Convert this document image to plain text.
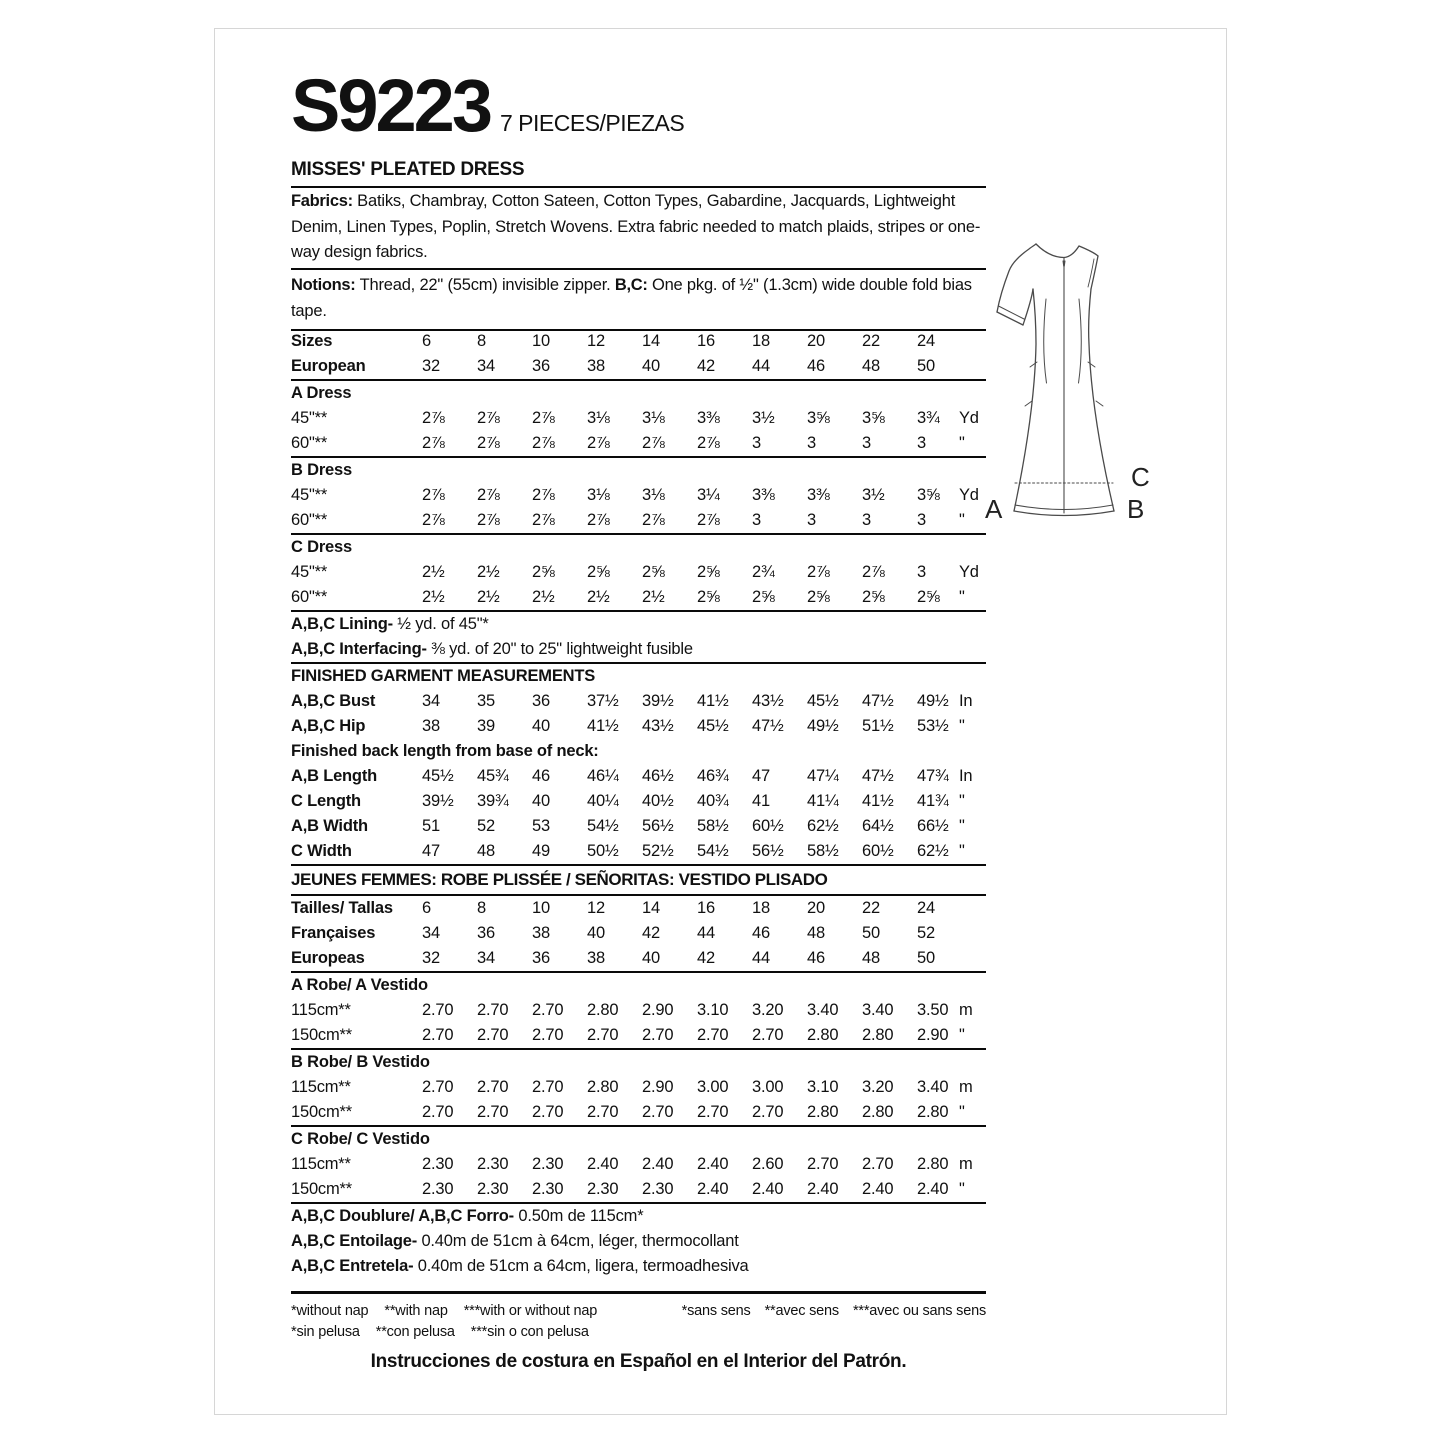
S9223 7 PIECES/PIEZAS
MISSES' PLEATED DRESS
Fabrics: Batiks, Chambray, Cotton Sateen, Cotton Types, Gabardine, Jacquards, Lightweight Denim, Linen Types, Poplin, Stretch Wovens. Extra fabric needed to match plaids, stripes or one-way design fabrics.
Notions: Thread, 22" (55cm) invisible zipper. B,C: One pkg. of ½" (1.3cm) wide double fold bias tape.
Sizes	6	8	10	12	14	16	18	20	22	24	
European	32	34	36	38	40	42	44	46	48	50	
A Dress											
45"**	2⅞	2⅞	2⅞	3⅛	3⅛	3⅜	3½	3⅝	3⅝	3¾	Yd
60"**	2⅞	2⅞	2⅞	2⅞	2⅞	2⅞	3	3	3	3	"
B Dress											
45"**	2⅞	2⅞	2⅞	3⅛	3⅛	3¼	3⅜	3⅜	3½	3⅝	Yd
60"**	2⅞	2⅞	2⅞	2⅞	2⅞	2⅞	3	3	3	3	"
C Dress											
45"**	2½	2½	2⅝	2⅝	2⅝	2⅝	2¾	2⅞	2⅞	3	Yd
60"**	2½	2½	2½	2½	2½	2⅝	2⅝	2⅝	2⅝	2⅝	"
A,B,C Lining- ½ yd. of 45"*											
A,B,C Interfacing- ⅜ yd. of 20" to 25" lightweight fusible											
FINISHED GARMENT MEASUREMENTS											
A,B,C Bust	34	35	36	37½	39½	41½	43½	45½	47½	49½	In
A,B,C Hip	38	39	40	41½	43½	45½	47½	49½	51½	53½	"
Finished back length from base of neck:											
A,B Length	45½	45¾	46	46¼	46½	46¾	47	47¼	47½	47¾	In
C Length	39½	39¾	40	40¼	40½	40¾	41	41¼	41½	41¾	"
A,B Width	51	52	53	54½	56½	58½	60½	62½	64½	66½	"
C Width	47	48	49	50½	52½	54½	56½	58½	60½	62½	"
JEUNES FEMMES: ROBE PLISSÉE / SEÑORITAS: VESTIDO PLISADO											
Tailles/ Tallas	6	8	10	12	14	16	18	20	22	24	
Françaises	34	36	38	40	42	44	46	48	50	52	
Europeas	32	34	36	38	40	42	44	46	48	50	
A Robe/ A Vestido											
115cm**	2.70	2.70	2.70	2.80	2.90	3.10	3.20	3.40	3.40	3.50	m
150cm**	2.70	2.70	2.70	2.70	2.70	2.70	2.70	2.80	2.80	2.90	"
B Robe/ B Vestido											
115cm**	2.70	2.70	2.70	2.80	2.90	3.00	3.00	3.10	3.20	3.40	m
150cm**	2.70	2.70	2.70	2.70	2.70	2.70	2.70	2.80	2.80	2.80	"
C Robe/ C Vestido											
115cm**	2.30	2.30	2.30	2.40	2.40	2.40	2.60	2.70	2.70	2.80	m
150cm**	2.30	2.30	2.30	2.30	2.30	2.40	2.40	2.40	2.40	2.40	"
A,B,C Doublure/ A,B,C Forro- 0.50m de 115cm*											
A,B,C Entoilage- 0.40m de 51cm à 64cm, léger, thermocollant											
A,B,C Entretela- 0.40m de 51cm a 64cm, ligera, termoadhesiva											
*without nap **with nap ***with or without nap
*sin pelusa **con pelusa ***sin o con pelusa
*sans sens **avec sens ***avec ou sans sens
Instrucciones de costura en Español en el Interior del Patrón.
C
A	B
